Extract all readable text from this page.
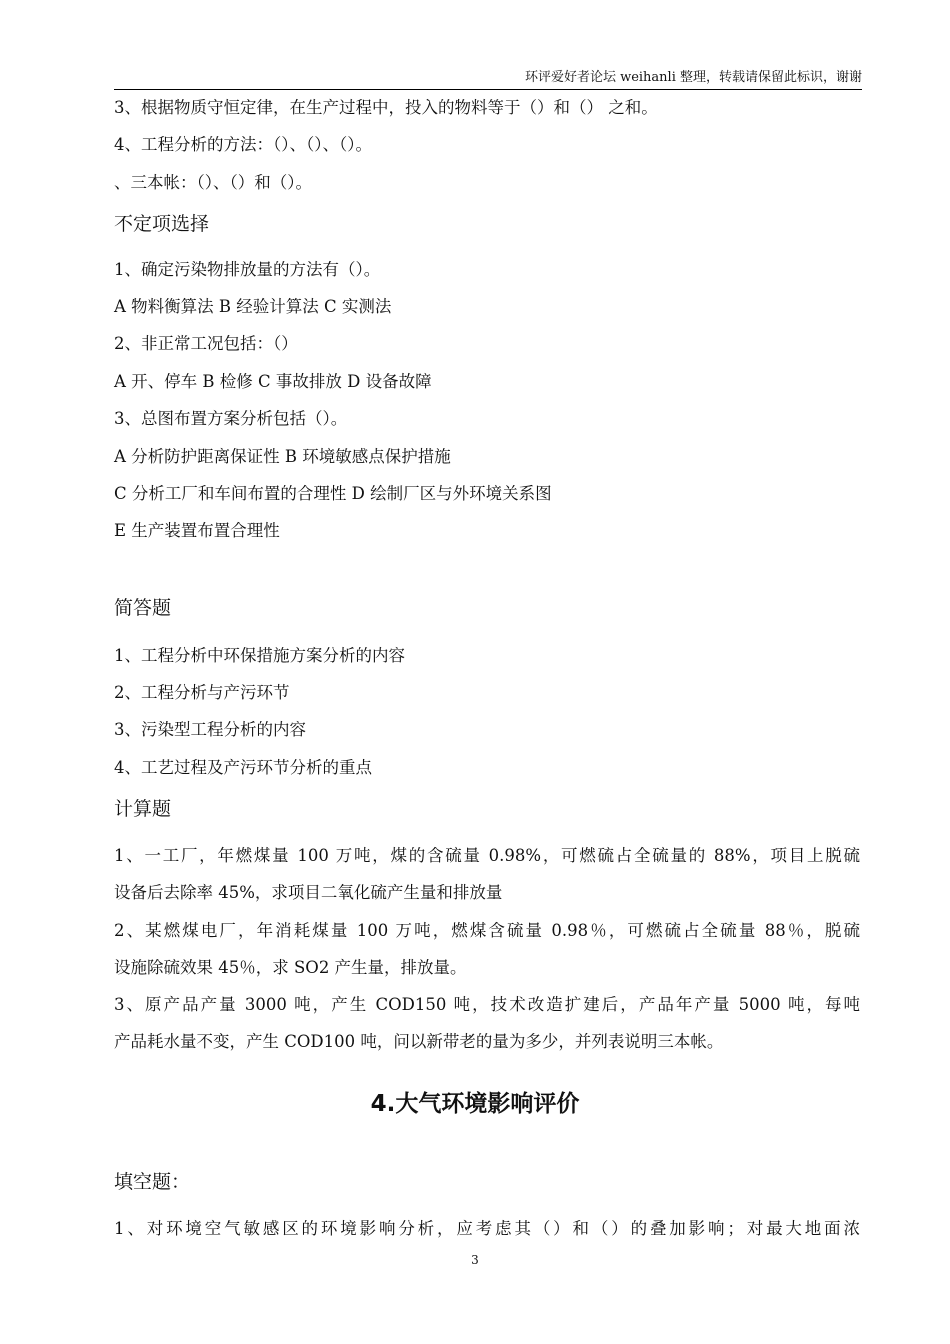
环评爱好者论坛 weihanli 整理，转载请保留此标识，谢谢
3、根据物质守恒定律，在生产过程中，投入的物料等于（）和（） 之和。
4、工程分析的方法：（）、（）、（）。
、三本帐：（）、（）和（）。
不定项选择
1、确定污染物排放量的方法有（）。
A 物料衡算法 B 经验计算法 C 实测法
2、非正常工况包括：（）
A 开、停车 B 检修 C 事故排放 D 设备故障
3、总图布置方案分析包括（）。
A 分析防护距离保证性 B 环境敏感点保护措施
C 分析工厂和车间布置的合理性 D 绘制厂区与外环境关系图
E 生产装置布置合理性
简答题
1、工程分析中环保措施方案分析的内容
2、工程分析与产污环节
3、污染型工程分析的内容
4、工艺过程及产污环节分析的重点
计算题
1、一工厂，年燃煤量 100 万吨，煤的含硫量 0.98%，可燃硫占全硫量的 88%，项目上脱硫
设备后去除率 45%，求项目二氧化硫产生量和排放量
2、某燃煤电厂，年消耗煤量 100 万吨，燃煤含硫量 0.98％，可燃硫占全硫量 88％，脱硫
设施除硫效果 45％，求 SO2 产生量，排放量。
3、原产品产量 3000 吨，产生 COD150 吨，技术改造扩建后，产品年产量 5000 吨，每吨
产品耗水量不变，产生 COD100 吨，问以新带老的量为多少，并列表说明三本帐。
4.大气环境影响评价
填空题：
1、对环境空气敏感区的环境影响分析，应考虑其（）和（）的叠加影响；对最大地面浓
3
